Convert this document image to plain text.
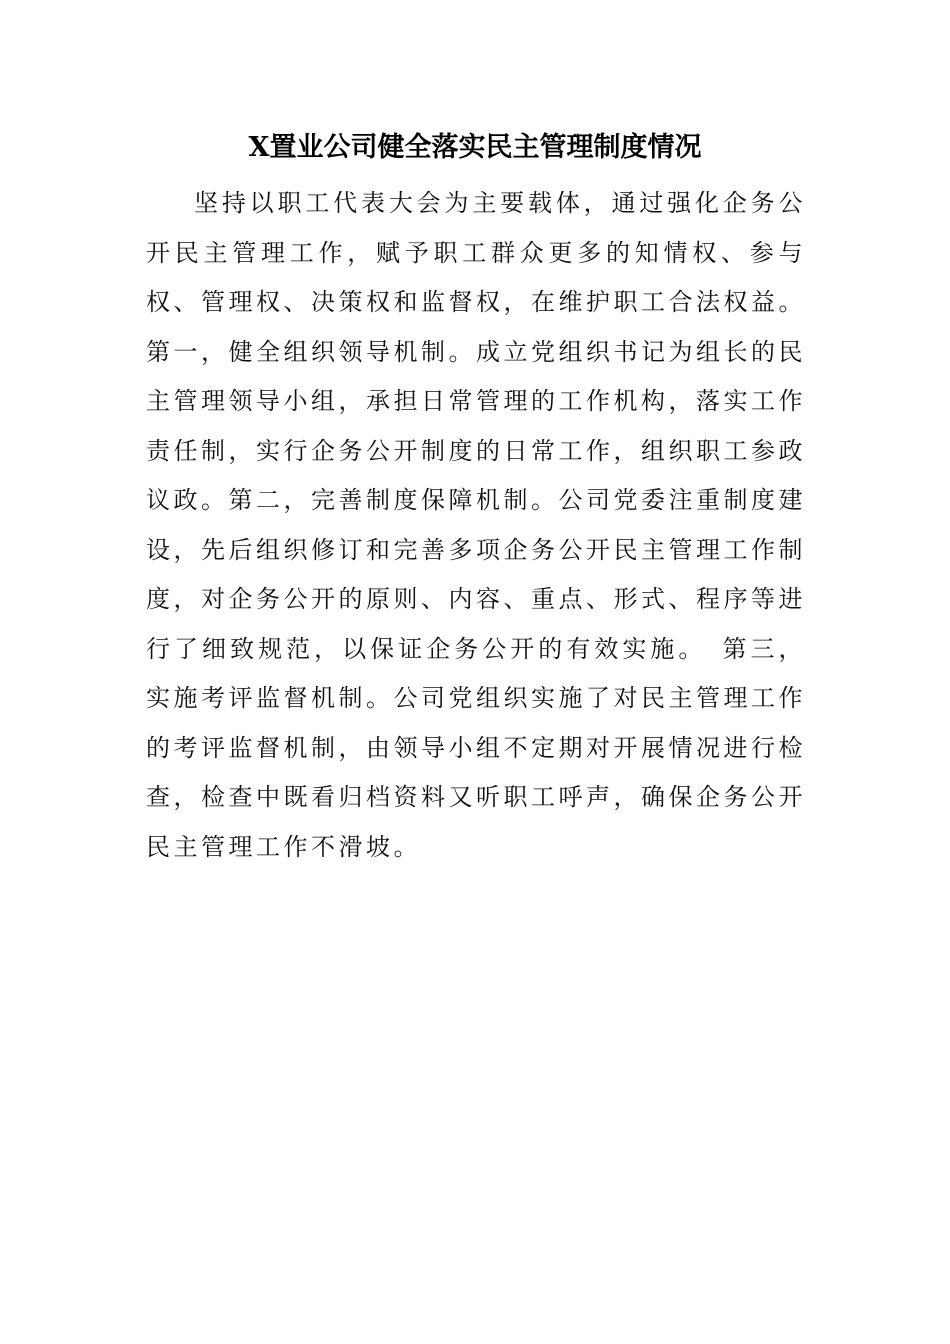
X置业公司健全落实民主管理制度情况

坚持以职工代表大会为主要载体，通过强化企务公开民主管理工作，赋予职工群众更多的知情权、参与权、管理权、决策权和监督权，在维护职工合法权益。第一，健全组织领导机制。成立党组织书记为组长的民主管理领导小组，承担日常管理的工作机构，落实工作责任制，实行企务公开制度的日常工作，组织职工参政议政。第二，完善制度保障机制。公司党委注重制度建设，先后组织修订和完善多项企务公开民主管理工作制度，对企务公开的原则、内容、重点、形式、程序等进行了细致规范，以保证企务公开的有效实施。　第三，实施考评监督机制。公司党组织实施了对民主管理工作的考评监督机制，由领导小组不定期对开展情况进行检查，检查中既看归档资料又听职工呼声，确保企务公开民主管理工作不滑坡。
